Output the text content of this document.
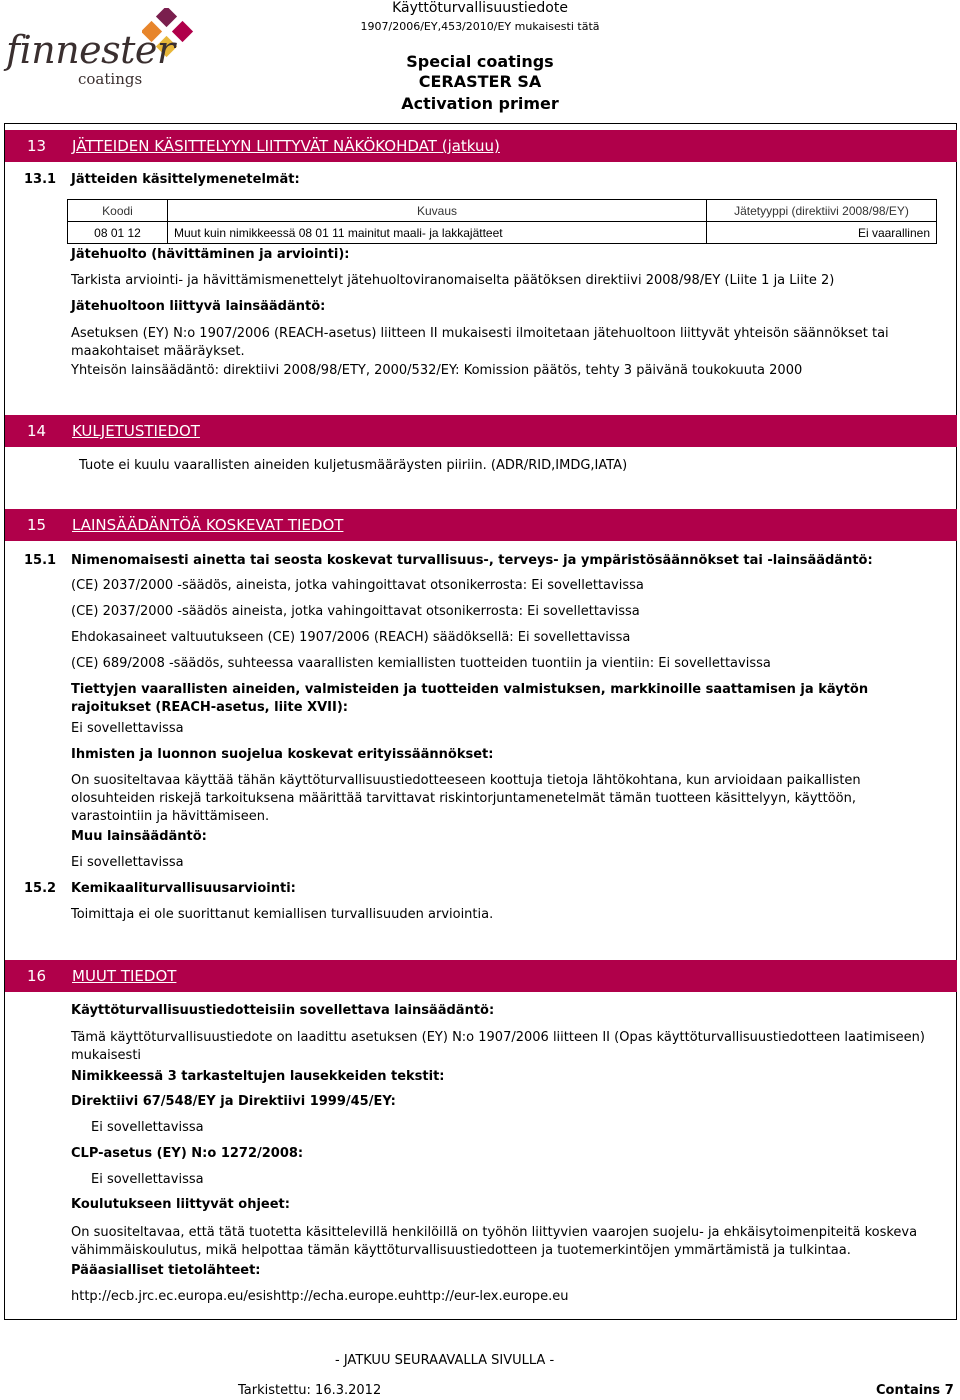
finnester
coatings
Käyttöturvallisuustiedote
1907/2006/EY,453/2010/EY mukaisesti tätä
Special coatings
CERASTER SA
Activation primer
13 JÄTTEIDEN KÄSITTELYYN LIITTYVÄT NÄKÖKOHDAT (jatkuu)
13.1 Jätteiden käsittelymenetelmät:
Koodi	Kuvaus	Jätetyyppi (direktiivi 2008/98/EY)
08 01 12	Muut kuin nimikkeessä 08 01 11 mainitut maali- ja lakkajätteet	Ei vaarallinen
Jätehuolto (hävittäminen ja arviointi):
Tarkista arviointi- ja hävittämismenettelyt jätehuoltoviranomaiselta päätöksen direktiivi 2008/98/EY (Liite 1 ja Liite 2)
Jätehuoltoon liittyvä lainsäädäntö:
Asetuksen (EY) N:o 1907/2006 (REACH-asetus) liitteen II mukaisesti ilmoitetaan jätehuoltoon liittyvät yhteisön säännökset tai maakohtaiset määräykset.
Yhteisön lainsäädäntö: direktiivi 2008/98/ETY, 2000/532/EY: Komission päätös, tehty 3 päivänä toukokuuta 2000
14 KULJETUSTIEDOT
Tuote ei kuulu vaarallisten aineiden kuljetusmääräysten piiriin. (ADR/RID,IMDG,IATA)
15 LAINSÄÄDÄNTÖÄ KOSKEVAT TIEDOT
15.1 Nimenomaisesti ainetta tai seosta koskevat turvallisuus-, terveys- ja ympäristösäännökset tai -lainsäädäntö:
(CE) 2037/2000 -säädös, aineista, jotka vahingoittavat otsonikerrosta: Ei sovellettavissa
(CE) 2037/2000 -säädös aineista, jotka vahingoittavat otsonikerrosta: Ei sovellettavissa
Ehdokasaineet valtuutukseen (CE) 1907/2006 (REACH) säädöksellä: Ei sovellettavissa
(CE) 689/2008 -säädös, suhteessa vaarallisten kemiallisten tuotteiden tuontiin ja vientiin: Ei sovellettavissa
Tiettyjen vaarallisten aineiden, valmisteiden ja tuotteiden valmistuksen, markkinoille saattamisen ja käytön rajoitukset (REACH-asetus, liite XVII):
Ei sovellettavissa
Ihmisten ja luonnon suojelua koskevat erityissäännökset:
On suositeltavaa käyttää tähän käyttöturvallisuustiedotteeseen koottuja tietoja lähtökohtana, kun arvioidaan paikallisten olosuhteiden riskejä tarkoituksena määrittää tarvittavat riskintorjuntamenetelmät tämän tuotteen käsittelyyn, käyttöön, varastointiin ja hävittämiseen.
Muu lainsäädäntö:
Ei sovellettavissa
15.2 Kemikaaliturvallisuusarviointi:
Toimittaja ei ole suorittanut kemiallisen turvallisuuden arviointia.
16 MUUT TIEDOT
Käyttöturvallisuustiedotteisiin sovellettava lainsäädäntö:
Tämä käyttöturvallisuustiedote on laadittu asetuksen (EY) N:o 1907/2006 liitteen II (Opas käyttöturvallisuustiedotteen laatimiseen) mukaisesti
Nimikkeessä 3 tarkasteltujen lausekkeiden tekstit:
Direktiivi 67/548/EY ja Direktiivi 1999/45/EY:
Ei sovellettavissa
CLP-asetus (EY) N:o 1272/2008:
Ei sovellettavissa
Koulutukseen liittyvät ohjeet:
On suositeltavaa, että tätä tuotetta käsittelevillä henkilöillä on työhön liittyvien vaarojen suojelu- ja ehkäisytoimenpiteitä koskeva vähimmäiskoulutus, mikä helpottaa tämän käyttöturvallisuustiedotteen ja tuotemerkintöjen ymmärtämistä ja tulkintaa.
Pääasialliset tietolähteet:
http://ecb.jrc.ec.europa.eu/esishttp://echa.europe.euhttp://eur-lex.europe.eu
- JATKUU SEURAAVALLA SIVULLA -
Tarkistettu: 16.3.2012	Contains 7
